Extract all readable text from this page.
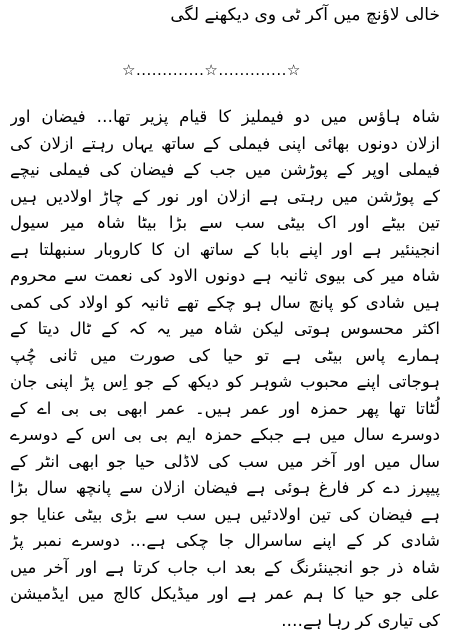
خالی لاؤنچ میں آکر ٹی وی دیکھنے لگی
☆.............☆.............☆
شاہ ہاؤس میں دو فیملیز کا قیام پزیر تھا… فیضان اور
ازلان دونوں بھائی اپنی فیملی کے ساتھ یہاں رہتے ازلان کی
فیملی اوپر کے پوڑشن میں جب کے فیضان کی فیملی نیچے
کے پوڑشن میں رہتی ہے ازلان اور نور کے چاڑ اولادیں ہیں
تین بیٹے اور اک بیٹی سب سے بڑا بیٹا شاہ میر سیول
انجینئیر ہے اور اپنے بابا کے ساتھ ان کا کاروبار سنبھلتا ہے
شاہ میر کی بیوی ثانیہ ہے دونوں الاود کی نعمت سے محروم
ہیں شادی کو پانچ سال ہو چکے تھے ثانیہ کو اولاد کی کمی
اکثر محسوس ہوتی لیکن شاہ میر یہ کہ کے ٹال دیتا کے
ہمارے پاس بیٹی ہے تو حیا کی صورت میں ثانی چُپ
ہوجاتی اپنے محبوب شوہر کو دیکھ کے جو اِس پڑ اپنی جان
لُٹاتا تھا پھر حمزہ اور عمر ہیں۔ عمر ابھی بی بی اے کے
دوسرے سال میں ہے جبکے حمزہ ایم بی بی اس کے دوسرے
سال میں اور آخر میں سب کی لاڈلی حیا جو ابھی انٹر کے
پیپرز دے کر فارغ ہوئی ہے فیضان ازلان سے پانچھ سال بڑا
ہے فیضان کی تین اولادئیں ہیں سب سے بڑی بیٹی عنایا جو
شادی کر کے اپنے ساسرال جا چکی ہے… دوسرے نمبر پڑ
شاہ ذر جو انجینئرنگ کے بعد اب جاب کرتا ہے اور آخر میں
علی جو حیا کا ہم عمر ہے اور میڈیکل کالج میں ایڈمیشن
کی تیاری کر رہا ہے….
